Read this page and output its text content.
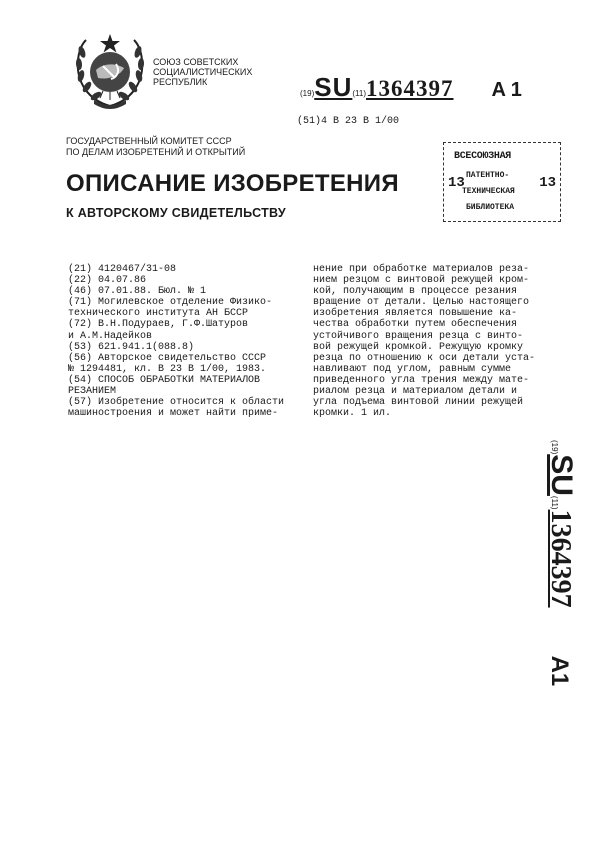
СОЮЗ СОВЕТСКИХ
СОЦИАЛИСТИЧЕСКИХ
РЕСПУБЛИК
(19) SU (11) 1364397 A 1
(51)4 В 23 В 1/00
ГОСУДАРСТВЕННЫЙ КОМИТЕТ СССР
ПО ДЕЛАМ ИЗОБРЕТЕНИЙ И ОТКРЫТИЙ	ВСЕСОЮЗНАЯ
13 ПАТЕНТНО- 13
ТЕХНИЧЕСКАЯ
БИБЛИОТЕКА
ОПИСАНИЕ ИЗОБРЕТЕНИЯ
К АВТОРСКОМУ СВИДЕТЕЛЬСТВУ
(21) 4120467/31-08
(22) 04.07.86
(46) 07.01.88. Бюл. № 1
(71) Могилевское отделение Физико-
технического института АН БССР
(72) В.Н.Подураев, Г.Ф.Шатуров
и А.М.Надейков
(53) 621.941.1(088.8)
(56) Авторское свидетельство СССР
№ 1294481, кл. В 23 В 1/00, 1983.
(54) СПОСОБ ОБРАБОТКИ МАТЕРИАЛОВ
РЕЗАНИЕМ
(57) Изобретение относится к области
машиностроения и может найти приме-
нение при обработке материалов реза-
нием резцом с винтовой режущей кром-
кой, получающим в процессе резания
вращение от детали. Целью настоящего
изобретения является повышение ка-
чества обработки путем обеспечения
устойчивого вращения резца с винто-
вой режущей кромкой. Режущую кромку
резца по отношению к оси детали уста-
навливают под углом, равным сумме
приведенного угла трения между мате-
риалом резца и материалом детали и
угла подъема винтовой линии режущей
кромки. 1 ил.
(19)
SU
(11)
1364397
A1
